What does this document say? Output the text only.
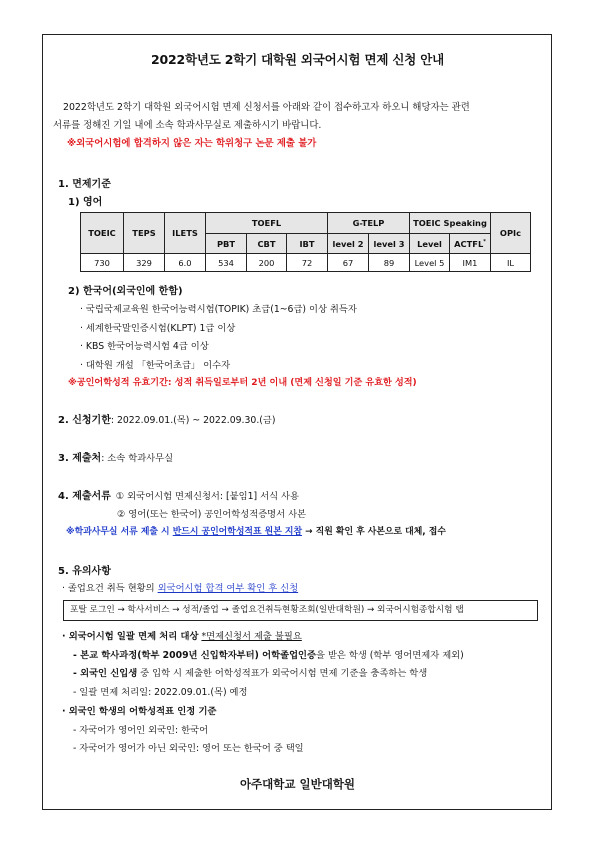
2022학년도 2학기 대학원 외국어시험 면제 신청 안내
2022학년도 2학기 대학원 외국어시험 면제 신청서를 아래와 같이 접수하고자 하오니 해당자는 관련
서류를 정해진 기일 내에 소속 학과사무실로 제출하시기 바랍니다.
※외국어시험에 합격하지 않은 자는 학위청구 논문 제출 불가
1. 면제기준
1) 영어
TOEIC	TEPS	ILETS	TOEFL			G-TELP		TOEIC Speaking		OPIc
			PBT	CBT	IBT	level 2	level 3	Level	ACTFL*
730	329	6.0	534	200	72	67	89	Level 5	IM1	IL
2) 한국어(외국인에 한함)
· 국립국제교육원 한국어능력시험(TOPIK) 초급(1~6급) 이상 취득자
· 세계한국말인증시험(KLPT) 1급 이상
· KBS 한국어능력시험 4급 이상
· 대학원 개설 「한국어초급」 이수자
※공인어학성적 유효기간: 성적 취득일로부터 2년 이내 (면제 신청일 기준 유효한 성적)
2. 신청기한: 2022.09.01.(목) ~ 2022.09.30.(금)
3. 제출처: 소속 학과사무실
4. 제출서류 ① 외국어시험 면제신청서: [붙임1] 서식 사용
② 영어(또는 한국어) 공인어학성적증명서 사본
※학과사무실 서류 제출 시 반드시 공인어학성적표 원본 지참 → 직원 확인 후 사본으로 대체, 접수
5. 유의사항
· 졸업요건 취득 현황의 외국어시험 합격 여부 확인 후 신청
포탈 로그인 → 학사서비스 → 성적/졸업 → 졸업요건취득현황조회(일반대학원) → 외국어시험종합시험 탭
· 외국어시험 일괄 면제 처리 대상 *면제신청서 제출 불필요
- 본교 학사과정(학부 2009년 신입학자부터) 어학졸업인증을 받은 학생 (학부 영어면제자 제외)
- 외국인 신입생 중 입학 시 제출한 어학성적표가 외국어시험 면제 기준을 충족하는 학생
- 일괄 면제 처리일: 2022.09.01.(목) 예정
· 외국인 학생의 어학성적표 인정 기준
- 자국어가 영어인 외국인: 한국어
- 자국어가 영어가 아닌 외국인: 영어 또는 한국어 중 택일
아주대학교 일반대학원
